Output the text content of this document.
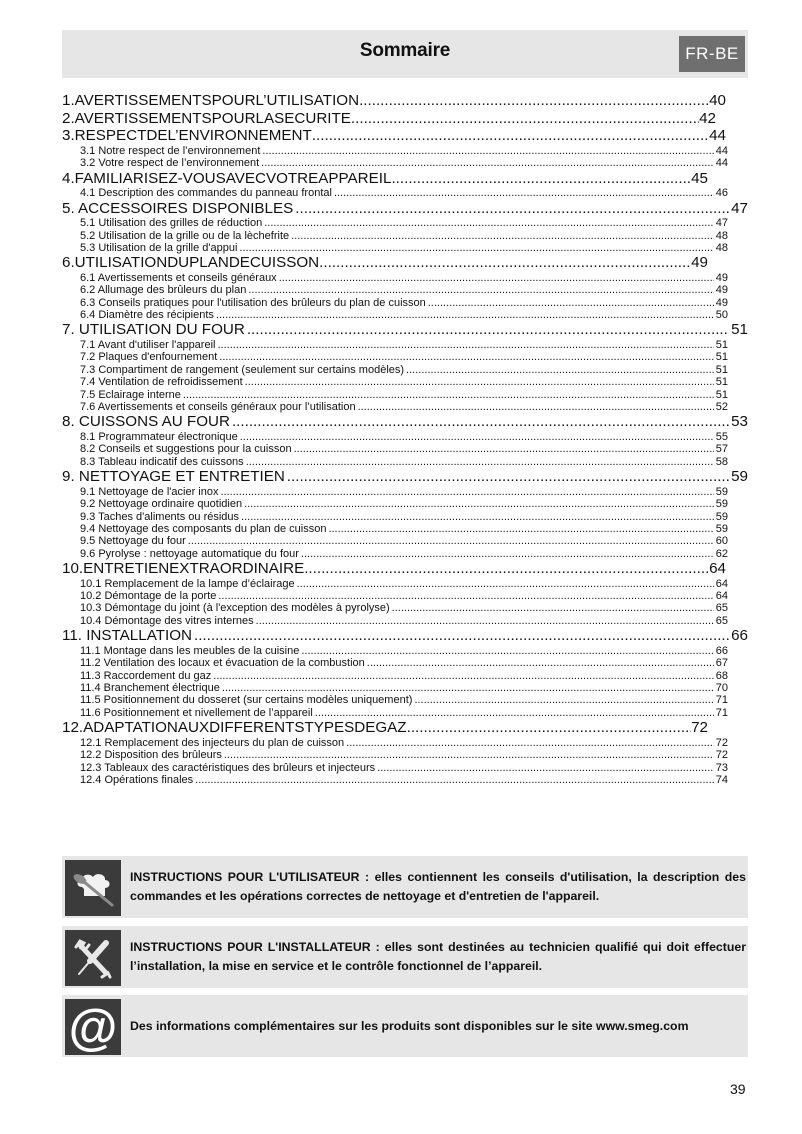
Sommaire	FR-BE
1.AVERTISSEMENTSPOURL’UTILISATION .....	40
2.AVERTISSEMENTSPOURLASECURITE .....	42
3.RESPECTDEL’ENVIRONNEMENT .....	44
3.1 Notre respect de l’environnement .....	44
3.2 Votre respect de l’environnement .....	44
4.FAMILIARISEZ-VOUSAVECVOTREAPPAREIL .....	45
4.1 Description des commandes du panneau frontal .....	46
5. ACCESSOIRES DISPONIBLES .....	47
5.1 Utilisation des grilles de réduction .....	47
5.2 Utilisation de la grille ou de la lèchefrite .....	48
5.3 Utilisation de la grille d'appui .....	48
6.UTILISATIONDUPLANDECUISSON .....	49
6.1 Avertissements et conseils généraux .....	49
6.2 Allumage des brûleurs du plan .....	49
6.3 Conseils pratiques pour l'utilisation des brûleurs du plan de cuisson .....	49
6.4 Diamètre des récipients .....	50
7. UTILISATION DU FOUR .....	51
7.1 Avant d'utiliser l'appareil .....	51
7.2 Plaques d'enfournement .....	51
7.3 Compartiment de rangement (seulement sur certains modèles) .....	51
7.4 Ventilation de refroidissement .....	51
7.5 Eclairage interne .....	51
7.6 Avertissements et conseils généraux pour l’utilisation .....	52
8. CUISSONS AU FOUR .....	53
8.1 Programmateur électronique .....	55
8.2 Conseils et suggestions pour la cuisson .....	57
8.3 Tableau indicatif des cuissons .....	58
9. NETTOYAGE ET ENTRETIEN .....	59
9.1 Nettoyage de l'acier inox .....	59
9.2 Nettoyage ordinaire quotidien .....	59
9.3 Taches d'aliments ou résidus .....	59
9.4 Nettoyage des composants du plan de cuisson .....	59
9.5 Nettoyage du four .....	60
9.6 Pyrolyse : nettoyage automatique du four .....	62
10.ENTRETIENEXTRAORDINAIRE .....	64
10.1 Remplacement de la lampe d’éclairage .....	64
10.2 Démontage de la porte .....	64
10.3 Démontage du joint (à l'exception des modèles à pyrolyse) .....	65
10.4 Démontage des vitres internes .....	65
11. INSTALLATION .....	66
11.1 Montage dans les meubles de la cuisine .....	66
11.2 Ventilation des locaux et évacuation de la combustion .....	67
11.3 Raccordement du gaz .....	68
11.4 Branchement électrique .....	70
11.5 Positionnement du dosseret (sur certains modèles uniquement) .....	71
11.6 Positionnement et nivellement de l’appareil .....	71
12.ADAPTATIONAUXDIFFERENTSTYPESDEGAZ .....	72
12.1 Remplacement des injecteurs du plan de cuisson .....	72
12.2 Disposition des brûleurs .....	72
12.3 Tableaux des caractéristiques des brûleurs et injecteurs .....	73
12.4 Opérations finales .....	74
INSTRUCTIONS POUR L'UTILISATEUR : elles contiennent les conseils d'utilisation, la description des commandes et les opérations correctes de nettoyage et d'entretien de l'appareil.
INSTRUCTIONS POUR L'INSTALLATEUR : elles sont destinées au technicien qualifié qui doit effectuer l’installation, la mise en service et le contrôle fonctionnel de l’appareil.
@ Des informations complémentaires sur les produits sont disponibles sur le site www.smeg.com
39
